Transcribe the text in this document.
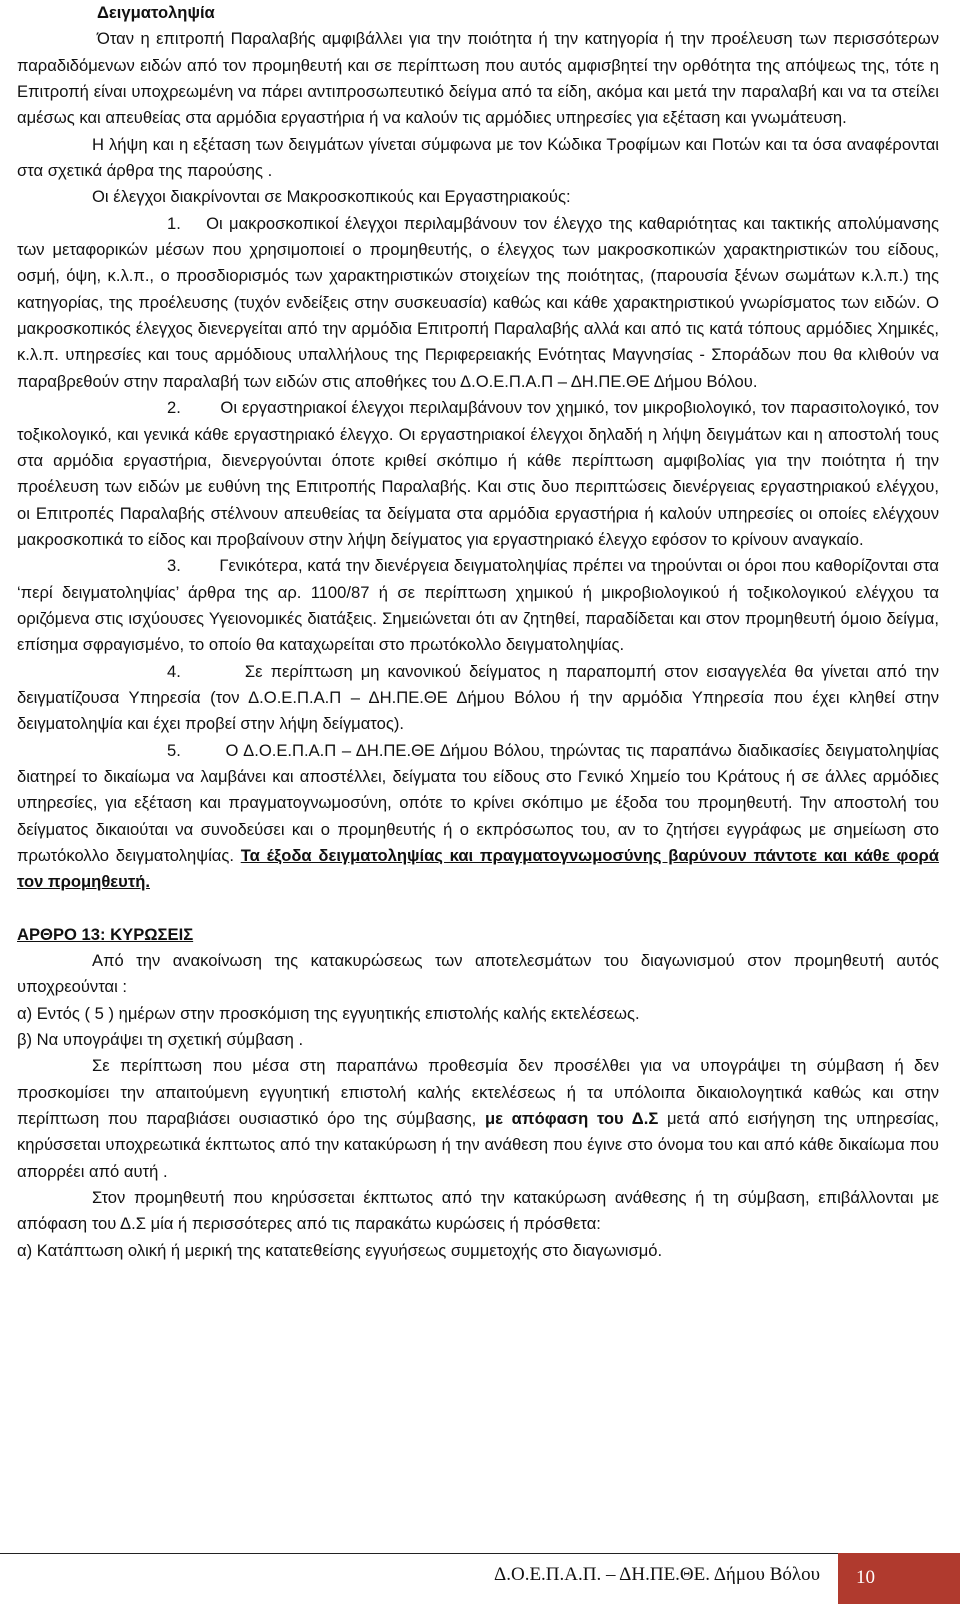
Δειγματοληψία

Όταν η επιτροπή Παραλαβής αμφιβάλλει για την ποιότητα ή την κατηγορία ή την προέλευση των περισσότερων παραδιδόμενων ειδών από τον προμηθευτή και σε περίπτωση που αυτός αμφισβητεί την ορθότητα της απόψεως της, τότε η Επιτροπή είναι υποχρεωμένη να πάρει αντιπροσωπευτικό δείγμα από τα είδη, ακόμα και μετά την παραλαβή και να τα στείλει αμέσως και απευθείας στα αρμόδια εργαστήρια ή να καλούν τις αρμόδιες υπηρεσίες για εξέταση και γνωμάτευση.

Η λήψη και η εξέταση των δειγμάτων γίνεται σύμφωνα με τον Κώδικα Τροφίμων και Ποτών και τα όσα αναφέρονται στα σχετικά άρθρα της παρούσης .

Οι έλεγχοι διακρίνονται σε Μακροσκοπικούς και Εργαστηριακούς:

1. Οι μακροσκοπικοί έλεγχοι περιλαμβάνουν τον έλεγχο της καθαριότητας και τακτικής απολύμανσης των μεταφορικών μέσων που χρησιμοποιεί ο προμηθευτής, ο έλεγχος των μακροσκοπικών χαρακτηριστικών του είδους, οσμή, όψη, κ.λ.π., ο προσδιορισμός των χαρακτηριστικών στοιχείων της ποιότητας, (παρουσία ξένων σωμάτων κ.λ.π.) της κατηγορίας, της προέλευσης (τυχόν ενδείξεις στην συσκευασία) καθώς και κάθε χαρακτηριστικού γνωρίσματος των ειδών. Ο μακροσκοπικός έλεγχος διενεργείται από την αρμόδια Επιτροπή Παραλαβής αλλά και από τις κατά τόπους αρμόδιες Χημικές, κ.λ.π. υπηρεσίες και τους αρμόδιους υπαλλήλους της Περιφερειακής Ενότητας Μαγνησίας - Σποράδων που θα κλιθούν να παραβρεθούν στην παραλαβή των ειδών στις αποθήκες του Δ.Ο.Ε.Π.Α.Π – ΔΗ.ΠΕ.ΘΕ Δήμου Βόλου.

2. Οι εργαστηριακοί έλεγχοι περιλαμβάνουν τον χημικό, τον μικροβιολογικό, τον παρασιτολογικό, τον τοξικολογικό, και γενικά κάθε εργαστηριακό έλεγχο. Οι εργαστηριακοί έλεγχοι δηλαδή η λήψη δειγμάτων και η αποστολή τους στα αρμόδια εργαστήρια, διενεργούνται όποτε κριθεί σκόπιμο ή κάθε περίπτωση αμφιβολίας για την ποιότητα ή την προέλευση των ειδών με ευθύνη της Επιτροπής Παραλαβής. Και στις δυο περιπτώσεις διενέργειας εργαστηριακού ελέγχου, οι Επιτροπές Παραλαβής στέλνουν απευθείας τα δείγματα στα αρμόδια εργαστήρια ή καλούν υπηρεσίες οι οποίες ελέγχουν μακροσκοπικά το είδος και προβαίνουν στην λήψη δείγματος για εργαστηριακό έλεγχο εφόσον το κρίνουν αναγκαίο.

3. Γενικότερα, κατά την διενέργεια δειγματοληψίας πρέπει να τηρούνται οι όροι που καθορίζονται στα ‘περί δειγματοληψίας’ άρθρα της αρ. 1100/87 ή σε περίπτωση χημικού ή μικροβιολογικού ή τοξικολογικού ελέγχου τα οριζόμενα στις ισχύουσες Υγειονομικές διατάξεις. Σημειώνεται ότι αν ζητηθεί, παραδίδεται και στον προμηθευτή όμοιο δείγμα, επίσημα σφραγισμένο, το οποίο θα καταχωρείται στο πρωτόκολλο δειγματοληψίας.

4.	Σε περίπτωση μη κανονικού δείγματος η παραπομπή στον εισαγγελέα θα γίνεται από την δειγματίζουσα Υπηρεσία (τον Δ.Ο.Ε.Π.Α.Π – ΔΗ.ΠΕ.ΘΕ Δήμου Βόλου ή την αρμόδια Υπηρεσία που έχει κληθεί στην δειγματοληψία και έχει προβεί στην λήψη δείγματος).

5.	Ο Δ.Ο.Ε.Π.Α.Π – ΔΗ.ΠΕ.ΘΕ Δήμου Βόλου, τηρώντας τις παραπάνω διαδικασίες δειγματοληψίας διατηρεί το δικαίωμα να λαμβάνει και αποστέλλει, δείγματα του είδους στο Γενικό Χημείο του Κράτους ή σε άλλες αρμόδιες υπηρεσίες, για εξέταση και πραγματογνωμοσύνη, οπότε το κρίνει σκόπιμο με έξοδα του προμηθευτή. Την αποστολή του δείγματος δικαιούται να συνοδεύσει και ο προμηθευτής ή ο εκπρόσωπος του, αν το ζητήσει εγγράφως με σημείωση στο πρωτόκολλο δειγματοληψίας. Τα έξοδα δειγματοληψίας και πραγματογνωμοσύνης βαρύνουν πάντοτε και κάθε φορά τον προμηθευτή.

ΑΡΘΡΟ 13: ΚΥΡΩΣΕΙΣ

Από την ανακοίνωση της κατακυρώσεως των αποτελεσμάτων του διαγωνισμού στον προμηθευτή αυτός υποχρεούνται :

α) Εντός ( 5 ) ημέρων στην προσκόμιση της εγγυητικής επιστολής καλής εκτελέσεως.

β) Να υπογράψει τη σχετική σύμβαση .

Σε περίπτωση που μέσα στη παραπάνω προθεσμία δεν προσέλθει για να υπογράψει τη σύμβαση ή δεν προσκομίσει την απαιτούμενη εγγυητική επιστολή καλής εκτελέσεως ή τα υπόλοιπα δικαιολογητικά καθώς και στην περίπτωση που παραβιάσει ουσιαστικό όρο της σύμβασης, με απόφαση του Δ.Σ μετά από εισήγηση της υπηρεσίας, κηρύσσεται υποχρεωτικά έκπτωτος από την κατακύρωση ή την ανάθεση που έγινε στο όνομα του και από κάθε δικαίωμα που απορρέει από αυτή .

Στον προμηθευτή που κηρύσσεται έκπτωτος από την κατακύρωση ανάθεσης ή τη σύμβαση, επιβάλλονται με απόφαση του Δ.Σ μία ή περισσότερες από τις παρακάτω κυρώσεις ή πρόσθετα:

α) Κατάπτωση ολική ή μερική της κατατεθείσης εγγυήσεως συμμετοχής στο διαγωνισμό.

Δ.Ο.Ε.Π.Α.Π. – ΔΗ.ΠΕ.ΘΕ. Δήμου Βόλου 10
